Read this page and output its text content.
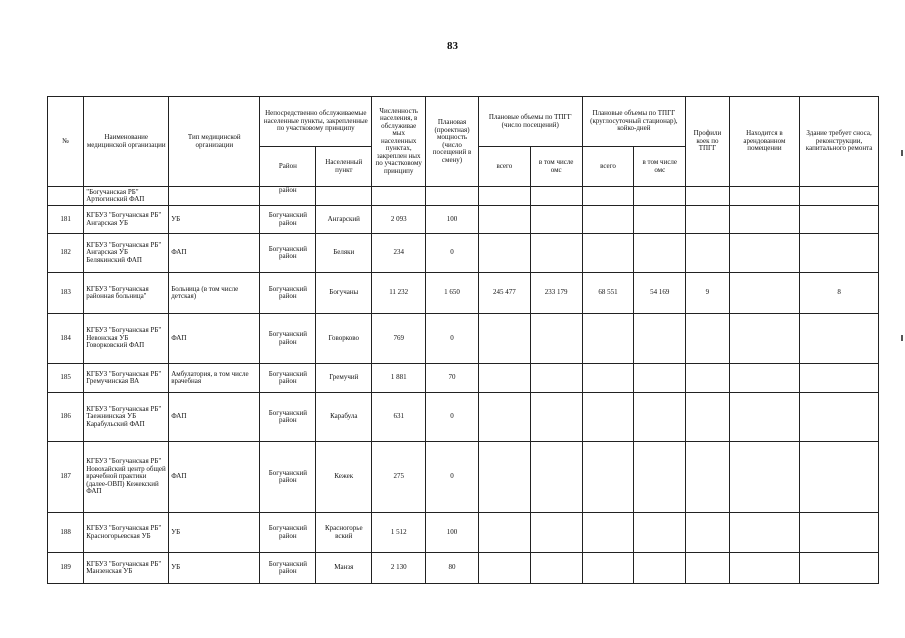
83
№	Наименование медицинской организации	Тип медицинской организации	Непосредственно обслуживаемые населенные пункты, закрепленные по участковому принципу		Численность населения, в обслуживае мых населенных пунктах, закреплен ных по участковому принципу	Плановая (проектная) мощность (число посещений в смену)	Плановые объемы по ТПГГ (число посещений)		Плановые объемы по ТПГГ (круглосуточный стационар), койко-дней		Профили коек по ТПГГ	Находится в арендованном помещении	Здание требует сноса, реконструкции, капитального ремонта
			Район	Населенный пункт			всего	в том числе омс	всего	в том числе омс			
	"Богучанская РБ" Артюгинский ФАП		район										
181	КГБУЗ "Богучанская РБ" Ангарская УБ	УБ	Богучанский район	Ангарский	2 093	100							
182	КГБУЗ "Богучанская РБ" Ангарская УБ Белякинский ФАП	ФАП	Богучанский район	Беляки	234	0							
183	КГБУЗ "Богучанская районная больница"	Больница (в том числе детская)	Богучанский район	Богучаны	11 232	1 650	245 477	233 179	68 551	54 169	9		8
184	КГБУЗ "Богучанская РБ" Невонская УБ Говорковский ФАП	ФАП	Богучанский район	Говорково	769	0							
185	КГБУЗ "Богучанская РБ" Гремучинская ВА	Амбулатория, в том числе врачебная	Богучанский район	Гремучий	1 881	70							
186	КГБУЗ "Богучанская РБ" Таежнинская УБ Карабульский ФАП	ФАП	Богучанский район	Карабула	631	0							
187	КГБУЗ "Богучанская РБ" Новохайский центр общей врачебной практики (далее-ОВП) Кежекский ФАП	ФАП	Богучанский район	Кежек	275	0							
188	КГБУЗ "Богучанская РБ" Красногорьевская УБ	УБ	Богучанский район	Красногорье вский	1 512	100							
189	КГБУЗ "Богучанская РБ" Манзенская УБ	УБ	Богучанский район	Манзя	2 130	80							
